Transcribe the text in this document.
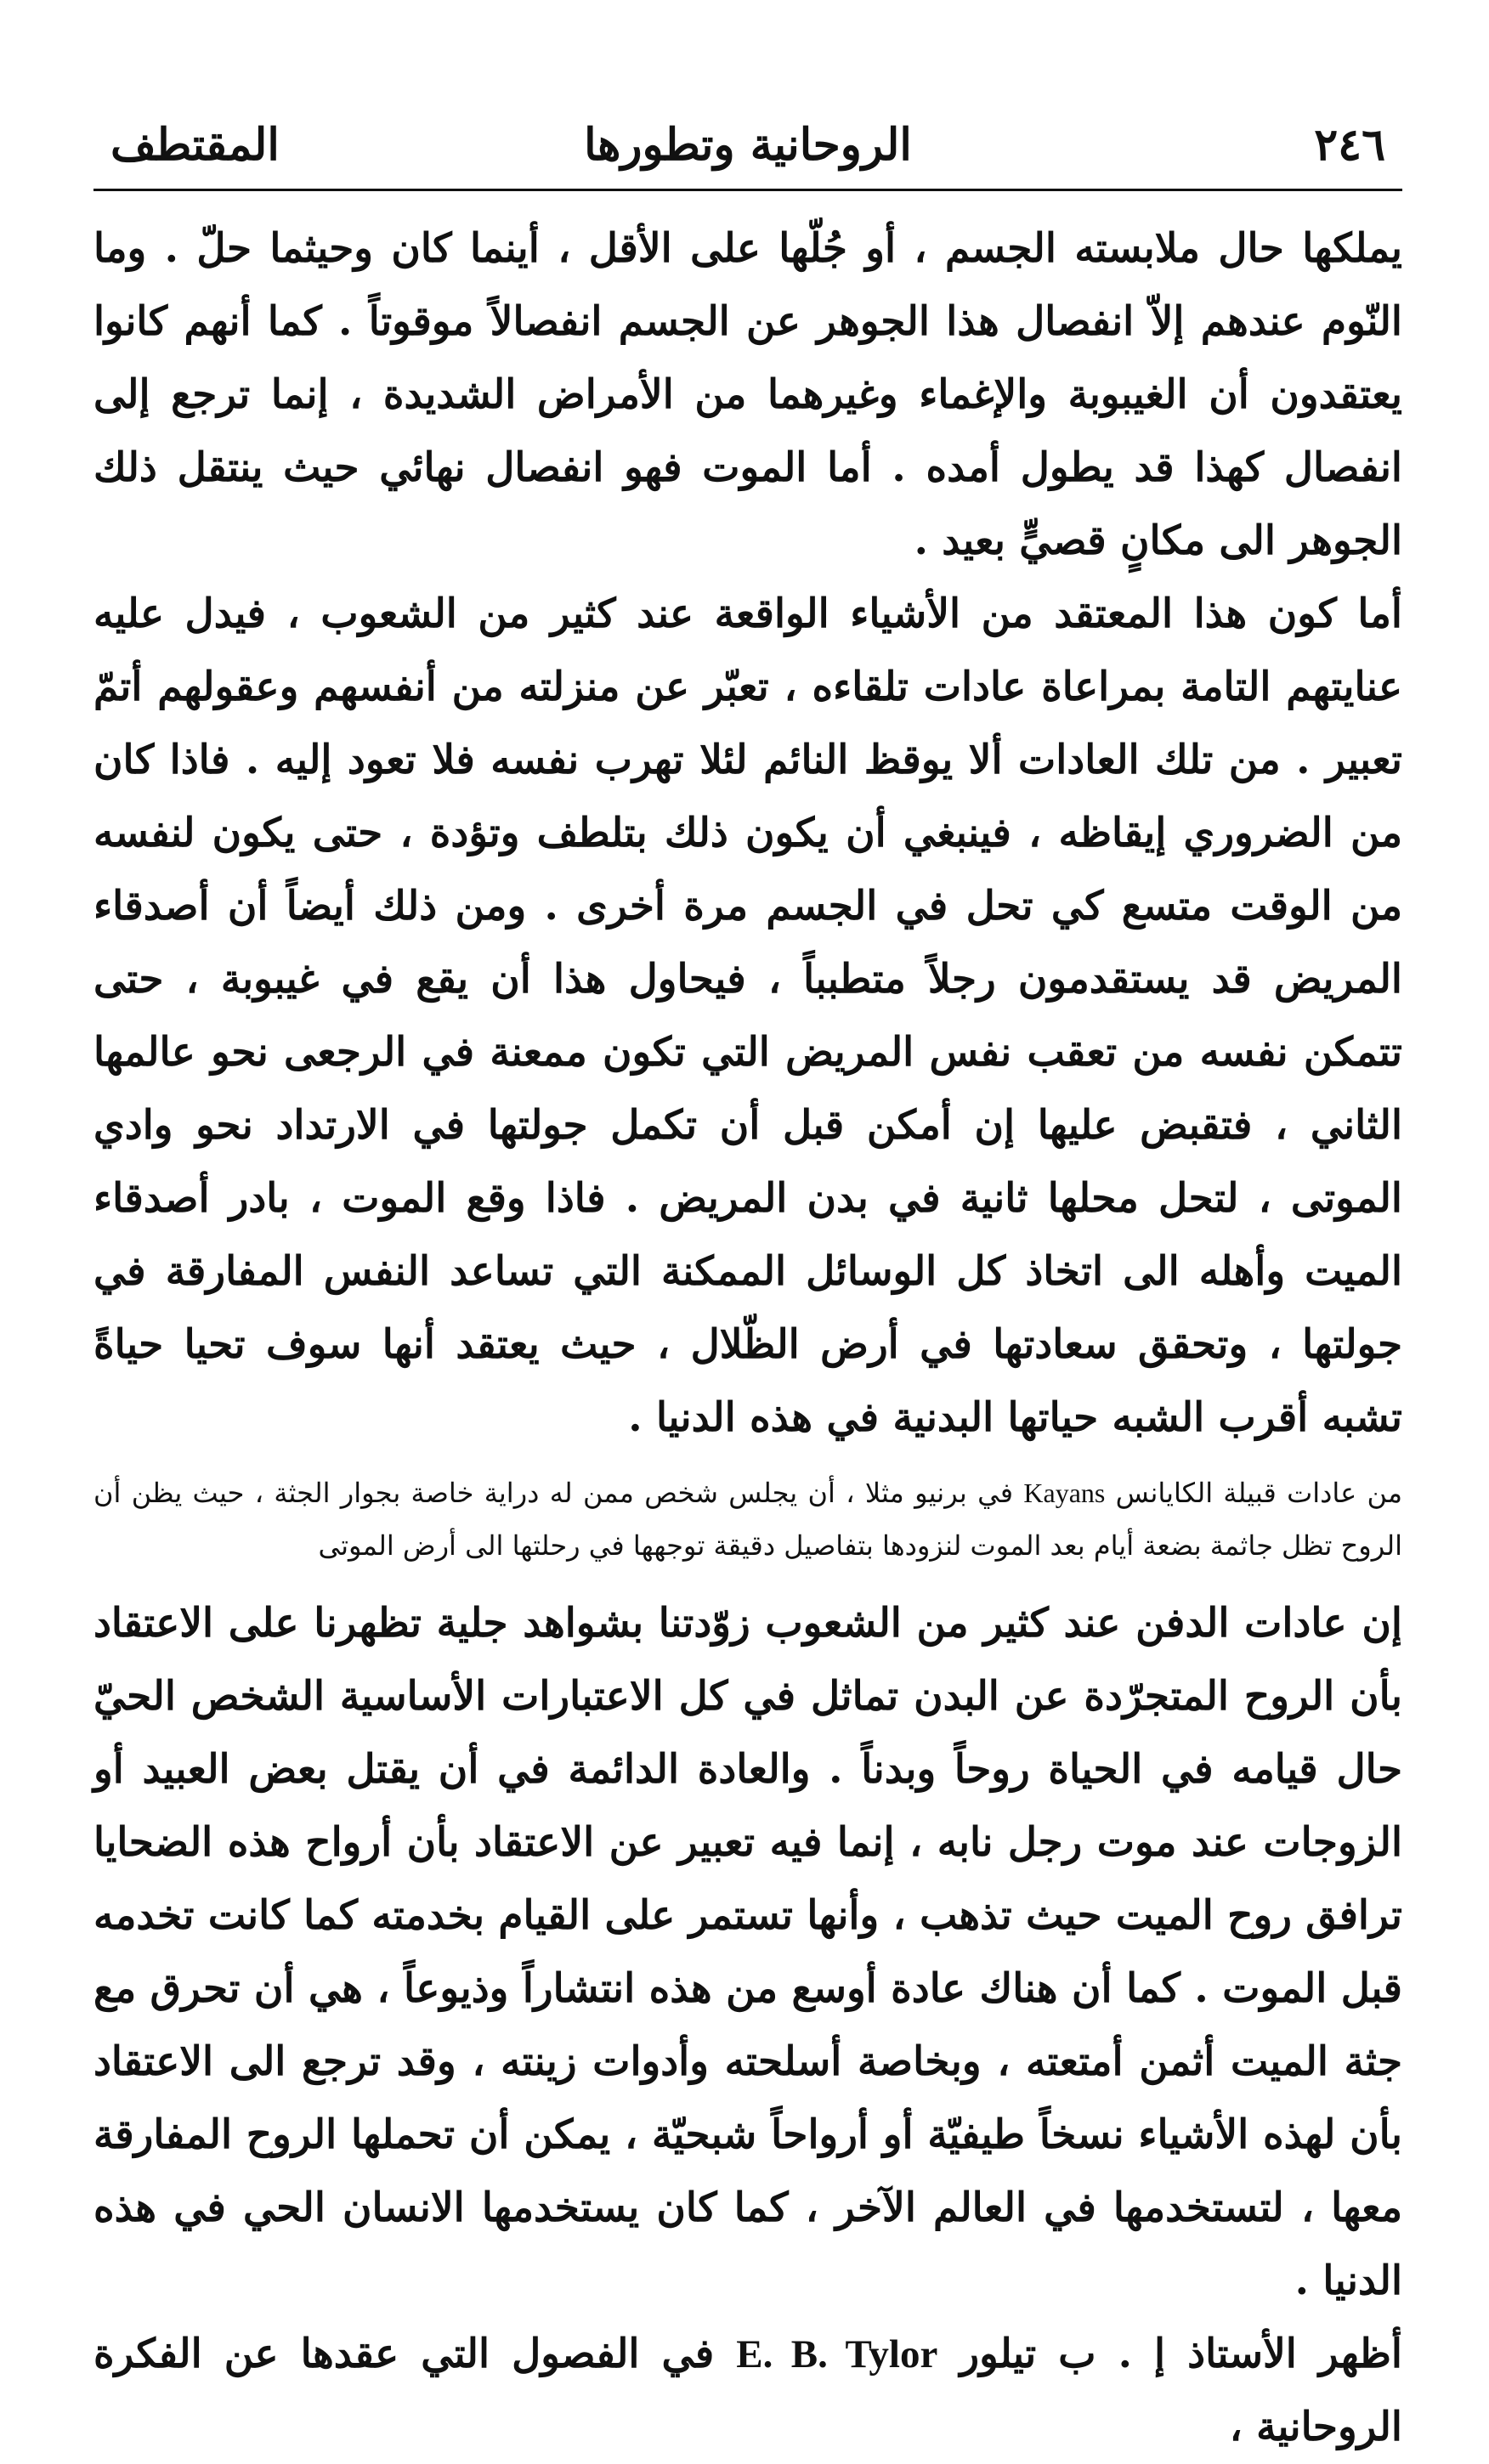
٢٤٦
الروحانية وتطورها
المقتطف

يملكها حال ملابسته الجسم ، أو جُلّها على الأقل ، أينما كان وحيثما حلّ . وما النّوم عندهم إلاّ انفصال هذا الجوهر عن الجسم انفصالاً موقوتاً . كما أنهم كانوا يعتقدون أن الغيبوبة والإغماء وغيرهما من الأمراض الشديدة ، إنما ترجع إلى انفصال كهذا قد يطول أمده . أما الموت فهو انفصال نهائي حيث ينتقل ذلك الجوهر الى مكانٍ قصيٍّ بعيد .

أما كون هذا المعتقد من الأشياء الواقعة عند كثير من الشعوب ، فيدل عليه عنايتهم التامة بمراعاة عادات تلقاءه ، تعبّر عن منزلته من أنفسهم وعقولهم أتمّ تعبير . من تلك العادات ألا يوقظ النائم لئلا تهرب نفسه فلا تعود إليه . فاذا كان من الضروري إيقاظه ، فينبغي أن يكون ذلك بتلطف وتؤدة ، حتى يكون لنفسه من الوقت متسع كي تحل في الجسم مرة أخرى . ومن ذلك أيضاً أن أصدقاء المريض قد يستقدمون رجلاً متطبباً ، فيحاول هذا أن يقع في غيبوبة ، حتى تتمكن نفسه من تعقب نفس المريض التي تكون ممعنة في الرجعى نحو عالمها الثاني ، فتقبض عليها إن أمكن قبل أن تكمل جولتها في الارتداد نحو وادي الموتى ، لتحل محلها ثانية في بدن المريض . فاذا وقع الموت ، بادر أصدقاء الميت وأهله الى اتخاذ كل الوسائل الممكنة التي تساعد النفس المفارقة في جولتها ، وتحقق سعادتها في أرض الظّلال ، حيث يعتقد أنها سوف تحيا حياةً تشبه أقرب الشبه حياتها البدنية في هذه الدنيا .

من عادات قبيلة الكايانس Kayans في برنيو مثلا ، أن يجلس شخص ممن له دراية خاصة بجوار الجثة ، حيث يظن أن الروح تظل جاثمة بضعة أيام بعد الموت لنزودها بتفاصيل دقيقة توجهها في رحلتها الى أرض الموتى

إن عادات الدفن عند كثير من الشعوب زوّدتنا بشواهد جلية تظهرنا على الاعتقاد بأن الروح المتجرّدة عن البدن تماثل في كل الاعتبارات الأساسية الشخص الحيّ حال قيامه في الحياة روحاً وبدناً . والعادة الدائمة في أن يقتل بعض العبيد أو الزوجات عند موت رجل نابه ، إنما فيه تعبير عن الاعتقاد بأن أرواح هذه الضحايا ترافق روح الميت حيث تذهب ، وأنها تستمر على القيام بخدمته كما كانت تخدمه قبل الموت . كما أن هناك عادة أوسع من هذه انتشاراً وذيوعاً ، هي أن تحرق مع جثة الميت أثمن أمتعته ، وبخاصة أسلحته وأدوات زينته ، وقد ترجع الى الاعتقاد بأن لهذه الأشياء نسخاً طيفيّة أو أرواحاً شبحيّة ، يمكن أن تحملها الروح المفارقة معها ، لتستخدمها في العالم الآخر ، كما كان يستخدمها الانسان الحي في هذه الدنيا .

أظهر الأستاذ إ . ب تيلور E. B. Tylor في الفصول التي عقدها عن الفكرة الروحانية ،
